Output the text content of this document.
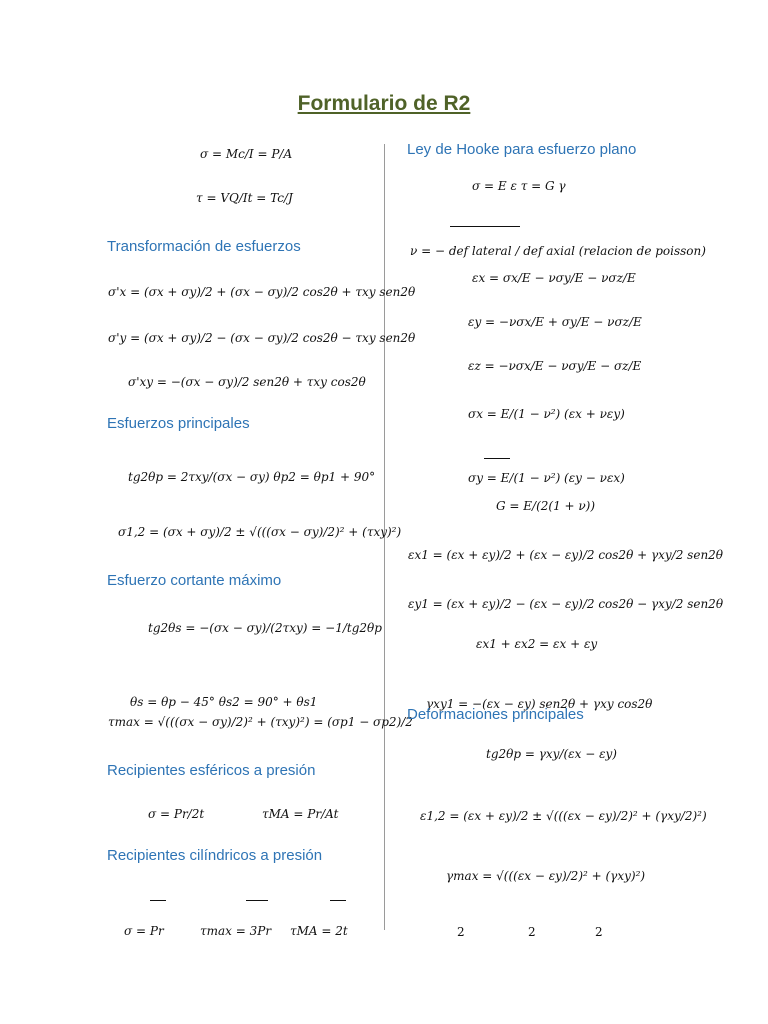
Formulario de R2
σ = Mc/I = P/A
τ = VQ/It = Tc/J
Transformación de esfuerzos
σ'x = (σx + σy)/2 + (σx − σy)/2 cos2θ + τxy sen2θ
σ'y = (σx + σy)/2 − (σx − σy)/2 cos2θ − τxy sen2θ
σ'xy = −(σx − σy)/2 sen2θ + τxy cos2θ
Esfuerzos principales
tg2θp = 2τxy/(σx − σy) θp2 = θp1 + 90°
σ1,2 = (σx + σy)/2 ± √(((σx − σy)/2)² + (τxy)²)
Esfuerzo cortante máximo
tg2θs = −(σx − σy)/(2τxy) = −1/tg2θp
θs = θp − 45° θs2 = 90° + θs1
τmax = √(((σx − σy)/2)² + (τxy)²) = (σp1 − σp2)/2
Recipientes esféricos a presión
σ = Pr/2t	τMA = Pr/At
Recipientes cilíndricos a presión
σ = Pr	τmax = 3Pr τMA = 2t
Ley de Hooke para esfuerzo plano
σ = E ε τ = G γ
ν = − def lateral / def axial (relacion de poisson)
εx = σx/E − νσy/E − νσz/E
εy = −νσx/E + σy/E − νσz/E
εz = −νσx/E − νσy/E − σz/E
σx = E/(1 − ν²) (εx + νεy)
σy = E/(1 − ν²) (εy − νεx)
G = E/(2(1 + ν))
εx1 = (εx + εy)/2 + (εx − εy)/2 cos2θ + γxy/2 sen2θ
εy1 = (εx + εy)/2 − (εx − εy)/2 cos2θ − γxy/2 sen2θ
εx1 + εx2 = εx + εy
γxy1 = −(εx − εy) sen2θ + γxy cos2θ
Deformaciones principales
tg2θp = γxy/(εx − εy)
ε1,2 = (εx + εy)/2 ± √(((εx − εy)/2)² + (γxy/2)²)
γmax = √(((εx − εy)/2)² + (γxy)²)
2	2	2
